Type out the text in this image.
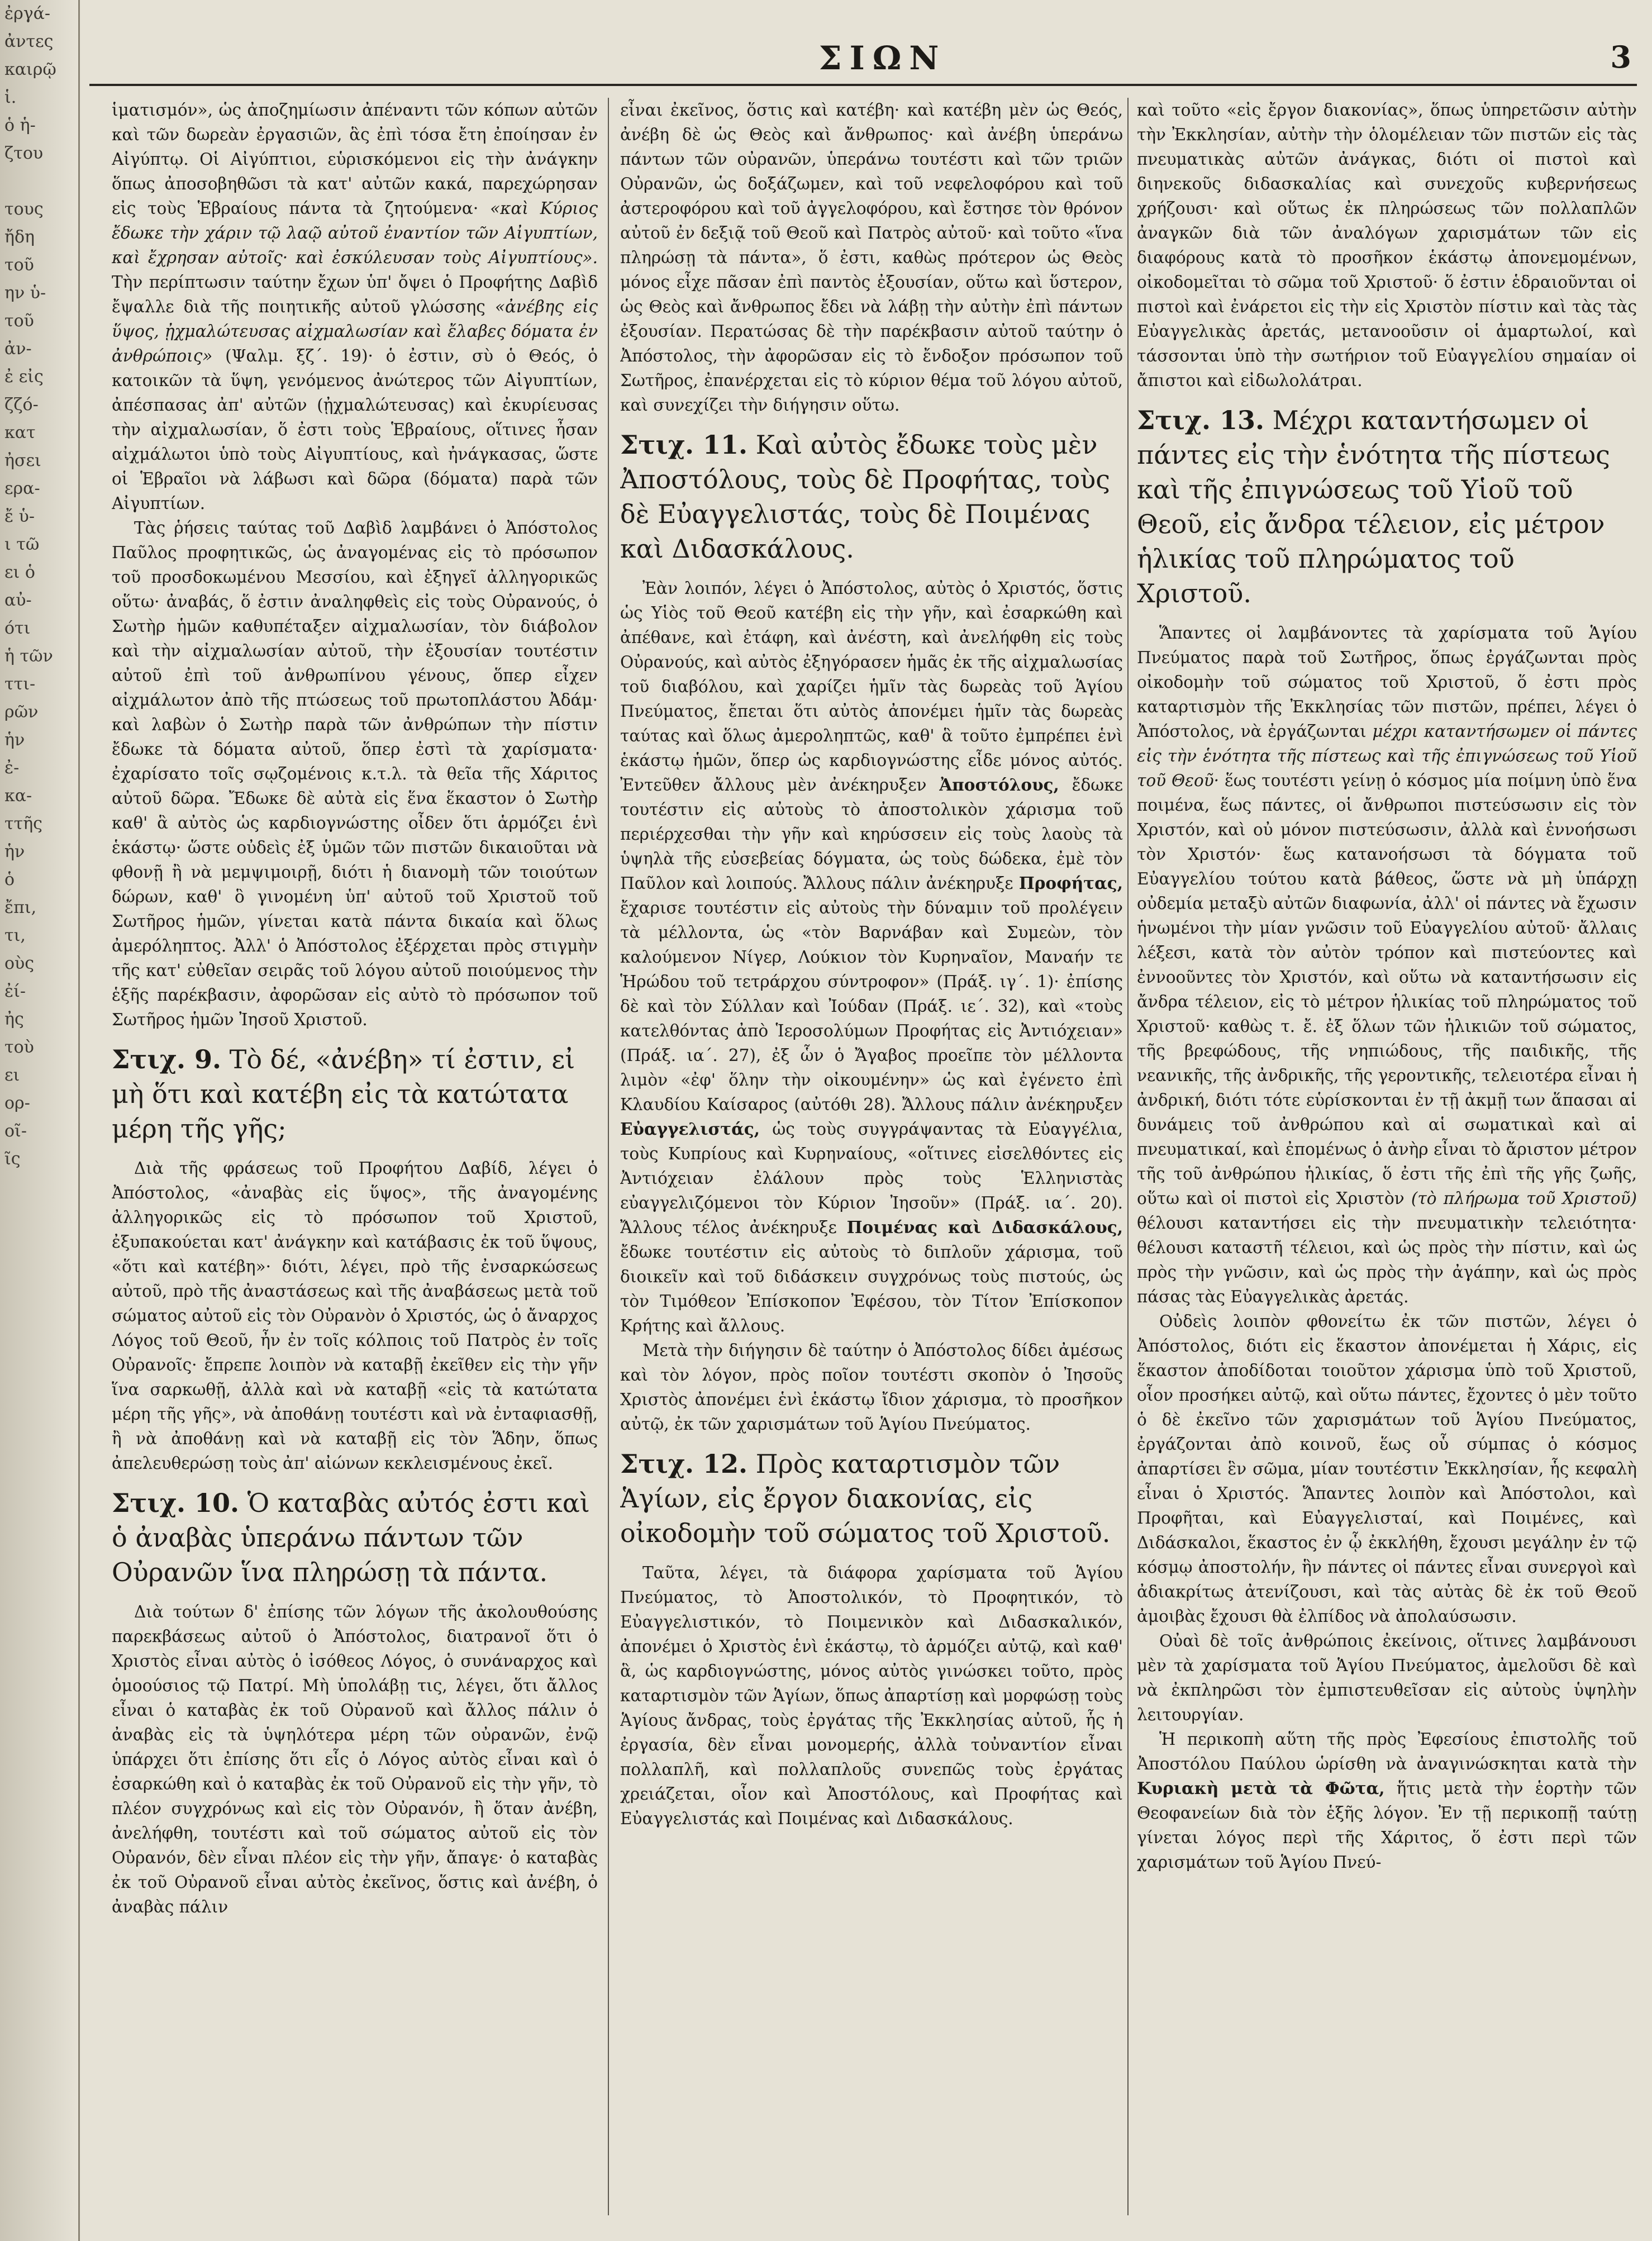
ἐργά-
ἀντες
καιρῷ
ἱ.
ὁ ἡ-
ζτου

τους
ἤδη
τοῦ
ην ὑ-
τοῦ
ἀν-
ἐ εἰς
ζζό-
κατ
ἠσει
ερα-
ἔ ὑ-
ι τῶ
ει ὁ
αὐ-
ότι
ἡ τῶν
ττι-
ρῶν
ἡν
ἐ-
κα-
ττῆς
ἡν
ὁ
ἔπι,
τι,
οὺς
ἐί-
ἠς
τοὺ
ει
ορ-
οῖ-
ῖς

ΣΙΩΝ	3

ἱματισμόν», ὡς ἀποζημίωσιν ἀπέναντι τῶν κόπων αὐτῶν καὶ τῶν δωρεὰν ἐργασιῶν, ἃς ἐπὶ τόσα ἔτη ἐποίησαν ἐν Αἰγύπτῳ. Οἱ Αἰγύπτιοι, εὑρισκόμενοι εἰς τὴν ἀνάγκην ὅπως ἀποσοβηθῶσι τὰ κατ' αὐτῶν κακά, παρεχώρησαν εἰς τοὺς Ἑβραίους πάντα τὰ ζητούμενα· «καὶ Κύριος ἔδωκε τὴν χάριν τῷ λαῷ αὐτοῦ ἐναντίον τῶν Αἰγυπτίων, καὶ ἔχρησαν αὐτοῖς· καὶ ἐσκύλευσαν τοὺς Αἰγυπτίους». Τὴν περίπτωσιν ταύτην ἔχων ὑπ' ὄψει ὁ Προφήτης Δαβὶδ ἔψαλλε διὰ τῆς ποιητικῆς αὐτοῦ γλώσσης «ἀνέβης εἰς ὕψος, ᾐχμαλώτευσας αἰχμαλωσίαν καὶ ἔλαβες δόματα ἐν ἀνθρώποις» (Ψαλμ. ξζ΄. 19)· ὁ ἐστιν, σὺ ὁ Θεός, ὁ κατοικῶν τὰ ὕψη, γενόμενος ἀνώτερος τῶν Αἰγυπτίων, ἀπέσπασας ἀπ' αὐτῶν (ᾐχμαλώτευσας) καὶ ἐκυρίευσας τὴν αἰχμαλωσίαν, ὅ ἐστι τοὺς Ἑβραίους, οἵτινες ἦσαν αἰχμάλωτοι ὑπὸ τοὺς Αἰγυπτίους, καὶ ἠνάγκασας, ὥστε οἱ Ἑβραῖοι νὰ λάβωσι καὶ δῶρα (δόματα) παρὰ τῶν Αἰγυπτίων.

Τὰς ῥήσεις ταύτας τοῦ Δαβὶδ λαμβάνει ὁ Ἀπόστολος Παῦλος προφητικῶς, ὡς ἀναγομένας εἰς τὸ πρόσωπον τοῦ προσδοκωμένου Μεσσίου, καὶ ἐξηγεῖ ἀλληγορικῶς οὕτω· ἀναβάς, ὅ ἐστιν ἀναληφθεὶς εἰς τοὺς Οὐρανούς, ὁ Σωτὴρ ἡμῶν καθυπέταξεν αἰχμαλωσίαν, τὸν διάβολον καὶ τὴν αἰχμαλωσίαν αὐτοῦ, τὴν ἐξουσίαν τουτέστιν αὐτοῦ ἐπὶ τοῦ ἀνθρωπίνου γένους, ὅπερ εἶχεν αἰχμάλωτον ἀπὸ τῆς πτώσεως τοῦ πρωτοπλάστου Ἀδάμ· καὶ λαβὼν ὁ Σωτὴρ παρὰ τῶν ἀνθρώπων τὴν πίστιν ἔδωκε τὰ δόματα αὐτοῦ, ὅπερ ἐστὶ τὰ χαρίσματα· ἐχαρίσατο τοῖς σῳζομένοις κ.τ.λ. τὰ θεῖα τῆς Χάριτος αὐτοῦ δῶρα. Ἔδωκε δὲ αὐτὰ εἰς ἕνα ἕκαστον ὁ Σωτὴρ καθ' ἃ αὐτὸς ὡς καρδιογνώστης οἶδεν ὅτι ἁρμόζει ἑνὶ ἑκάστῳ· ὥστε οὐδεὶς ἐξ ὑμῶν τῶν πιστῶν δικαιοῦται νὰ φθονῇ ἢ νὰ μεμψιμοιρῇ, διότι ἡ διανομὴ τῶν τοιούτων δώρων, καθ' ὃ γινομένη ὑπ' αὐτοῦ τοῦ Χριστοῦ τοῦ Σωτῆρος ἡμῶν, γίνεται κατὰ πάντα δικαία καὶ ὅλως ἀμερόληπτος. Ἀλλ' ὁ Ἀπόστολος ἐξέρχεται πρὸς στιγμὴν τῆς κατ' εὐθεῖαν σειρᾶς τοῦ λόγου αὐτοῦ ποιούμενος τὴν ἑξῆς παρέκβασιν, ἀφορῶσαν εἰς αὐτὸ τὸ πρόσωπον τοῦ Σωτῆρος ἡμῶν Ἰησοῦ Χριστοῦ.

Στιχ. 9. Τὸ δέ, «ἀνέβη» τί ἐστιν, εἰ μὴ ὅτι καὶ κατέβη εἰς τὰ κατώτατα μέρη τῆς γῆς;

Διὰ τῆς φράσεως τοῦ Προφήτου Δαβίδ, λέγει ὁ Ἀπόστολος, «ἀναβὰς εἰς ὕψος», τῆς ἀναγομένης ἀλληγορικῶς εἰς τὸ πρόσωπον τοῦ Χριστοῦ, ἐξυπακούεται κατ' ἀνάγκην καὶ κατάβασις ἐκ τοῦ ὕψους, «ὅτι καὶ κατέβη»· διότι, λέγει, πρὸ τῆς ἐνσαρκώσεως αὐτοῦ, πρὸ τῆς ἀναστάσεως καὶ τῆς ἀναβάσεως μετὰ τοῦ σώματος αὐτοῦ εἰς τὸν Οὐρανὸν ὁ Χριστός, ὡς ὁ ἄναρχος Λόγος τοῦ Θεοῦ, ἦν ἐν τοῖς κόλποις τοῦ Πατρὸς ἐν τοῖς Οὐρανοῖς· ἔπρεπε λοιπὸν νὰ καταβῇ ἐκεῖθεν εἰς τὴν γῆν ἵνα σαρκωθῇ, ἀλλὰ καὶ νὰ καταβῇ «εἰς τὰ κατώτατα μέρη τῆς γῆς», νὰ ἀποθάνῃ τουτέστι καὶ νὰ ἐνταφιασθῇ, ἢ νὰ ἀποθάνῃ καὶ νὰ καταβῇ εἰς τὸν Ἅδην, ὅπως ἀπελευθερώσῃ τοὺς ἀπ' αἰώνων κεκλεισμένους ἐκεῖ.

Στιχ. 10. Ὁ καταβὰς αὐτός ἐστι καὶ ὁ ἀναβὰς ὑπεράνω πάντων τῶν Οὐρανῶν ἵνα πληρώσῃ τὰ πάντα.

Διὰ τούτων δ' ἐπίσης τῶν λόγων τῆς ἀκολουθούσης παρεκβάσεως αὐτοῦ ὁ Ἀπόστολος, διατρανοῖ ὅτι ὁ Χριστὸς εἶναι αὐτὸς ὁ ἰσόθεος Λόγος, ὁ συνάναρχος καὶ ὁμοούσιος τῷ Πατρί. Μὴ ὑπολάβῃ τις, λέγει, ὅτι ἄλλος εἶναι ὁ καταβὰς ἐκ τοῦ Οὐρανοῦ καὶ ἄλλος πάλιν ὁ ἀναβὰς εἰς τὰ ὑψηλότερα μέρη τῶν οὐρανῶν, ἐνῷ ὑπάρχει ὅτι ἐπίσης ὅτι εἷς ὁ Λόγος αὐτὸς εἶναι καὶ ὁ ἐσαρκώθη καὶ ὁ καταβὰς ἐκ τοῦ Οὐρανοῦ εἰς τὴν γῆν, τὸ πλέον συγχρόνως καὶ εἰς τὸν Οὐρανόν, ἢ ὅταν ἀνέβη, ἀνελήφθη, τουτέστι καὶ τοῦ σώματος αὐτοῦ εἰς τὸν Οὐρανόν, δὲν εἶναι πλέον εἰς τὴν γῆν, ἄπαγε· ὁ καταβὰς ἐκ τοῦ Οὐρανοῦ εἶναι αὐτὸς ἐκεῖνος, ὅστις καὶ ἀνέβη, ὁ ἀναβὰς πάλιν

εἶναι ἐκεῖνος, ὅστις καὶ κατέβη· καὶ κατέβη μὲν ὡς Θεός, ἀνέβη δὲ ὡς Θεὸς καὶ ἄνθρωπος· καὶ ἀνέβη ὑπεράνω πάντων τῶν οὐρανῶν, ὑπεράνω τουτέστι καὶ τῶν τριῶν Οὐρανῶν, ὡς δοξάζωμεν, καὶ τοῦ νεφελοφόρου καὶ τοῦ ἀστεροφόρου καὶ τοῦ ἀγγελοφόρου, καὶ ἔστησε τὸν θρόνον αὐτοῦ ἐν δεξιᾷ τοῦ Θεοῦ καὶ Πατρὸς αὐτοῦ· καὶ τοῦτο «ἵνα πληρώσῃ τὰ πάντα», ὅ ἐστι, καθὼς πρότερον ὡς Θεὸς μόνος εἶχε πᾶσαν ἐπὶ παντὸς ἐξουσίαν, οὕτω καὶ ὕστερον, ὡς Θεὸς καὶ ἄνθρωπος ἔδει νὰ λάβῃ τὴν αὐτὴν ἐπὶ πάντων ἐξουσίαν. Περατώσας δὲ τὴν παρέκβασιν αὐτοῦ ταύτην ὁ Ἀπόστολος, τὴν ἀφορῶσαν εἰς τὸ ἔνδοξον πρόσωπον τοῦ Σωτῆρος, ἐπανέρχεται εἰς τὸ κύριον θέμα τοῦ λόγου αὐτοῦ, καὶ συνεχίζει τὴν διήγησιν οὕτω.

Στιχ. 11. Καὶ αὐτὸς ἔδωκε τοὺς μὲν Ἀποστόλους, τοὺς δὲ Προφήτας, τοὺς δὲ Εὐαγγελιστάς, τοὺς δὲ Ποιμένας καὶ Διδασκάλους.

Ἐὰν λοιπόν, λέγει ὁ Ἀπόστολος, αὐτὸς ὁ Χριστός, ὅστις ὡς Υἱὸς τοῦ Θεοῦ κατέβη εἰς τὴν γῆν, καὶ ἐσαρκώθη καὶ ἀπέθανε, καὶ ἐτάφη, καὶ ἀνέστη, καὶ ἀνελήφθη εἰς τοὺς Οὐρανούς, καὶ αὐτὸς ἐξηγόρασεν ἡμᾶς ἐκ τῆς αἰχμαλωσίας τοῦ διαβόλου, καὶ χαρίζει ἡμῖν τὰς δωρεὰς τοῦ Ἁγίου Πνεύματος, ἔπεται ὅτι αὐτὸς ἀπονέμει ἡμῖν τὰς δωρεὰς ταύτας καὶ ὅλως ἀμεροληπτῶς, καθ' ἃ τοῦτο ἐμπρέπει ἑνὶ ἑκάστῳ ἡμῶν, ὅπερ ὡς καρδιογνώστης εἶδε μόνος αὐτός. Ἐντεῦθεν ἄλλους μὲν ἀνέκηρυξεν Ἀποστόλους, ἔδωκε τουτέστιν εἰς αὐτοὺς τὸ ἀποστολικὸν χάρισμα τοῦ περιέρχεσθαι τὴν γῆν καὶ κηρύσσειν εἰς τοὺς λαοὺς τὰ ὑψηλὰ τῆς εὐσεβείας δόγματα, ὡς τοὺς δώδεκα, ἐμὲ τὸν Παῦλον καὶ λοιπούς. Ἄλλους πάλιν ἀνέκηρυξε Προφήτας, ἔχαρισε τουτέστιν εἰς αὐτοὺς τὴν δύναμιν τοῦ προλέγειν τὰ μέλλοντα, ὡς «τὸν Βαρνάβαν καὶ Συμεὼν, τὸν καλούμενον Νίγερ, Λούκιον τὸν Κυρηναῖον, Μαναήν τε Ἡρώδου τοῦ τετράρχου σύντροφον» (Πράξ. ιγ΄. 1)· ἐπίσης δὲ καὶ τὸν Σύλλαν καὶ Ἰούδαν (Πράξ. ιε΄. 32), καὶ «τοὺς κατελθόντας ἀπὸ Ἱεροσολύμων Προφήτας εἰς Ἀντιόχειαν» (Πράξ. ια΄. 27), ἐξ ὧν ὁ Ἄγαβος προεῖπε τὸν μέλλοντα λιμὸν «ἐφ' ὅλην τὴν οἰκουμένην» ὡς καὶ ἐγένετο ἐπὶ Κλαυδίου Καίσαρος (αὐτόθι 28). Ἄλλους πάλιν ἀνέκηρυξεν Εὐαγγελιστάς, ὡς τοὺς συγγράψαντας τὰ Εὐαγγέλια, τοὺς Κυπρίους καὶ Κυρηναίους, «οἵτινες εἰσελθόντες εἰς Ἀντιόχειαν ἐλάλουν πρὸς τοὺς Ἑλληνιστὰς εὐαγγελιζόμενοι τὸν Κύριον Ἰησοῦν» (Πράξ. ια΄. 20). Ἄλλους τέλος ἀνέκηρυξε Ποιμένας καὶ Διδασκάλους, ἔδωκε τουτέστιν εἰς αὐτοὺς τὸ διπλοῦν χάρισμα, τοῦ διοικεῖν καὶ τοῦ διδάσκειν συγχρόνως τοὺς πιστούς, ὡς τὸν Τιμόθεον Ἐπίσκοπον Ἐφέσου, τὸν Τίτον Ἐπίσκοπον Κρήτης καὶ ἄλλους.

Μετὰ τὴν διήγησιν δὲ ταύτην ὁ Ἀπόστολος δίδει ἀμέσως καὶ τὸν λόγον, πρὸς ποῖον τουτέστι σκοπὸν ὁ Ἰησοῦς Χριστὸς ἀπονέμει ἑνὶ ἑκάστῳ ἴδιον χάρισμα, τὸ προσῆκον αὐτῷ, ἐκ τῶν χαρισμάτων τοῦ Ἁγίου Πνεύματος.

Στιχ. 12. Πρὸς καταρτισμὸν τῶν Ἁγίων, εἰς ἔργον διακονίας, εἰς οἰκοδομὴν τοῦ σώματος τοῦ Χριστοῦ.

Ταῦτα, λέγει, τὰ διάφορα χαρίσματα τοῦ Ἁγίου Πνεύματος, τὸ Ἀποστολικόν, τὸ Προφητικόν, τὸ Εὐαγγελιστικόν, τὸ Ποιμενικὸν καὶ Διδασκαλικόν, ἀπονέμει ὁ Χριστὸς ἑνὶ ἑκάστῳ, τὸ ἁρμόζει αὐτῷ, καὶ καθ' ἃ, ὡς καρδιογνώστης, μόνος αὐτὸς γινώσκει τοῦτο, πρὸς καταρτισμὸν τῶν Ἁγίων, ὅπως ἀπαρτίσῃ καὶ μορφώσῃ τοὺς Ἁγίους ἄνδρας, τοὺς ἐργάτας τῆς Ἐκκλησίας αὐτοῦ, ἧς ἡ ἐργασία, δὲν εἶναι μονομερής, ἀλλὰ τοὐναντίον εἶναι πολλαπλῆ, καὶ πολλαπλοῦς συνεπῶς τοὺς ἐργάτας χρειάζεται, οἷον καὶ Ἀποστόλους, καὶ Προφήτας καὶ Εὐαγγελιστάς καὶ Ποιμένας καὶ Διδασκάλους.

καὶ τοῦτο «εἰς ἔργον διακονίας», ὅπως ὑπηρετῶσιν αὐτὴν τὴν Ἐκκλησίαν, αὐτὴν τὴν ὁλομέλειαν τῶν πιστῶν εἰς τὰς πνευματικὰς αὐτῶν ἀνάγκας, διότι οἱ πιστοὶ καὶ διηνεκοῦς διδασκαλίας καὶ συνεχοῦς κυβερνήσεως χρήζουσι· καὶ οὕτως ἐκ πληρώσεως τῶν πολλαπλῶν ἀναγκῶν διὰ τῶν ἀναλόγων χαρισμάτων τῶν εἰς διαφόρους κατὰ τὸ προσῆκον ἑκάστῳ ἀπονεμομένων, οἰκοδομεῖται τὸ σῶμα τοῦ Χριστοῦ· ὅ ἐστιν ἑδραιοῦνται οἱ πιστοὶ καὶ ἐνάρετοι εἰς τὴν εἰς Χριστὸν πίστιν καὶ τὰς τὰς Εὐαγγελικὰς ἀρετάς, μετανοοῦσιν οἱ ἁμαρτωλοί, καὶ τάσσονται ὑπὸ τὴν σωτήριον τοῦ Εὐαγγελίου σημαίαν οἱ ἄπιστοι καὶ εἰδωλολάτραι.

Στιχ. 13. Μέχρι καταντήσωμεν οἱ πάντες εἰς τὴν ἑνότητα τῆς πίστεως καὶ τῆς ἐπιγνώσεως τοῦ Υἱοῦ τοῦ Θεοῦ, εἰς ἄνδρα τέλειον, εἰς μέτρον ἡλικίας τοῦ πληρώματος τοῦ Χριστοῦ.

Ἅπαντες οἱ λαμβάνοντες τὰ χαρίσματα τοῦ Ἁγίου Πνεύματος παρὰ τοῦ Σωτῆρος, ὅπως ἐργάζωνται πρὸς οἰκοδομὴν τοῦ σώματος τοῦ Χριστοῦ, ὅ ἐστι πρὸς καταρτισμὸν τῆς Ἐκκλησίας τῶν πιστῶν, πρέπει, λέγει ὁ Ἀπόστολος, νὰ ἐργάζωνται μέχρι καταντήσωμεν οἱ πάντες εἰς τὴν ἑνότητα τῆς πίστεως καὶ τῆς ἐπιγνώσεως τοῦ Υἱοῦ τοῦ Θεοῦ· ἕως τουτέστι γείνῃ ὁ κόσμος μία ποίμνη ὑπὸ ἕνα ποιμένα, ἕως πάντες, οἱ ἄνθρωποι πιστεύσωσιν εἰς τὸν Χριστόν, καὶ οὐ μόνον πιστεύσωσιν, ἀλλὰ καὶ ἐννοήσωσι τὸν Χριστόν· ἕως κατανοήσωσι τὰ δόγματα τοῦ Εὐαγγελίου τούτου κατὰ βάθεος, ὥστε νὰ μὴ ὑπάρχῃ οὐδεμία μεταξὺ αὐτῶν διαφωνία, ἀλλ' οἱ πάντες νὰ ἔχωσιν ἡνωμένοι τὴν μίαν γνῶσιν τοῦ Εὐαγγελίου αὐτοῦ· ἄλλαις λέξεσι, κατὰ τὸν αὐτὸν τρόπον καὶ πιστεύοντες καὶ ἐννοοῦντες τὸν Χριστόν, καὶ οὕτω νὰ καταντήσωσιν εἰς ἄνδρα τέλειον, εἰς τὸ μέτρον ἡλικίας τοῦ πληρώματος τοῦ Χριστοῦ· καθὼς τ. ἔ. ἐξ ὅλων τῶν ἡλικιῶν τοῦ σώματος, τῆς βρεφώδους, τῆς νηπιώδους, τῆς παιδικῆς, τῆς νεανικῆς, τῆς ἀνδρικῆς, τῆς γεροντικῆς, τελειοτέρα εἶναι ἡ ἀνδρική, διότι τότε εὑρίσκονται ἐν τῇ ἀκμῇ των ἅπασαι αἱ δυνάμεις τοῦ ἀνθρώπου καὶ αἱ σωματικαὶ καὶ αἱ πνευματικαί, καὶ ἐπομένως ὁ ἀνὴρ εἶναι τὸ ἄριστον μέτρον τῆς τοῦ ἀνθρώπου ἡλικίας, ὅ ἐστι τῆς ἐπὶ τῆς γῆς ζωῆς, οὕτω καὶ οἱ πιστοὶ εἰς Χριστὸν (τὸ πλήρωμα τοῦ Χριστοῦ) θέλουσι καταντήσει εἰς τὴν πνευματικὴν τελειότητα· θέλουσι καταστῆ τέλειοι, καὶ ὡς πρὸς τὴν πίστιν, καὶ ὡς πρὸς τὴν γνῶσιν, καὶ ὡς πρὸς τὴν ἀγάπην, καὶ ὡς πρὸς πάσας τὰς Εὐαγγελικὰς ἀρετάς.

Οὐδεὶς λοιπὸν φθονείτω ἐκ τῶν πιστῶν, λέγει ὁ Ἀπόστολος, διότι εἰς ἕκαστον ἀπονέμεται ἡ Χάρις, εἰς ἕκαστον ἀποδίδοται τοιοῦτον χάρισμα ὑπὸ τοῦ Χριστοῦ, οἷον προσήκει αὐτῷ, καὶ οὕτω πάντες, ἔχοντες ὁ μὲν τοῦτο ὁ δὲ ἐκεῖνο τῶν χαρισμάτων τοῦ Ἁγίου Πνεύματος, ἐργάζονται ἀπὸ κοινοῦ, ἕως οὗ σύμπας ὁ κόσμος ἀπαρτίσει ἓν σῶμα, μίαν τουτέστιν Ἐκκλησίαν, ἧς κεφαλὴ εἶναι ὁ Χριστός. Ἅπαντες λοιπὸν καὶ Ἀπόστολοι, καὶ Προφῆται, καὶ Εὐαγγελισταί, καὶ Ποιμένες, καὶ Διδάσκαλοι, ἕκαστος ἐν ᾧ ἐκκλήθη, ἔχουσι μεγάλην ἐν τῷ κόσμῳ ἀποστολήν, ἣν πάντες οἱ πάντες εἶναι συνεργοὶ καὶ ἀδιακρίτως ἀτενίζουσι, καὶ τὰς αὐτὰς δὲ ἐκ τοῦ Θεοῦ ἀμοιβὰς ἔχουσι θὰ ἐλπίδος νὰ ἀπολαύσωσιν.

Οὐαὶ δὲ τοῖς ἀνθρώποις ἐκείνοις, οἵτινες λαμβάνουσι μὲν τὰ χαρίσματα τοῦ Ἁγίου Πνεύματος, ἀμελοῦσι δὲ καὶ νὰ ἐκπληρῶσι τὸν ἐμπιστευθεῖσαν εἰς αὐτοὺς ὑψηλὴν λειτουργίαν.

Ἡ περικοπὴ αὕτη τῆς πρὸς Ἐφεσίους ἐπιστολῆς τοῦ Ἀποστόλου Παύλου ὡρίσθη νὰ ἀναγινώσκηται κατὰ τὴν Κυριακὴ μετὰ τὰ Φῶτα, ἥτις μετὰ τὴν ἑορτὴν τῶν Θεοφανείων διὰ τὸν ἑξῆς λόγον. Ἐν τῇ περικοπῇ ταύτῃ γίνεται λόγος περὶ τῆς Χάριτος, ὅ ἐστι περὶ τῶν χαρισμάτων τοῦ Ἁγίου Πνεύ-
